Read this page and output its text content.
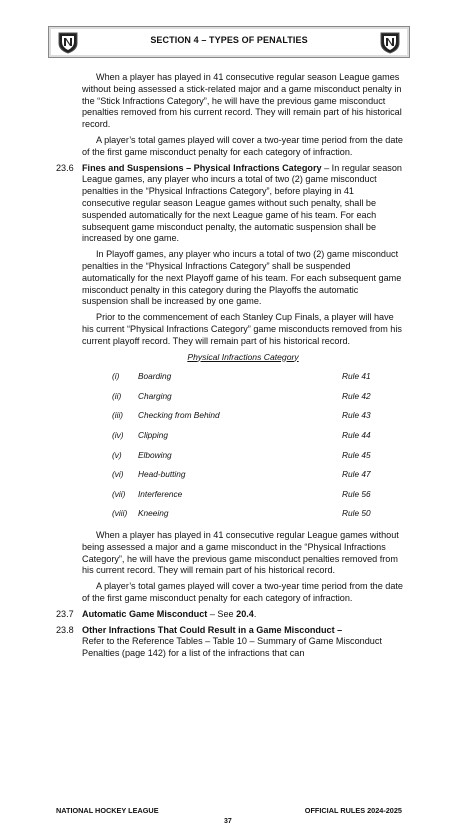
SECTION 4 – TYPES OF PENALTIES

When a player has played in 41 consecutive regular season League games without being assessed a stick-related major and a game misconduct penalty in the “Stick Infractions Category”, he will have the previous game misconduct penalties removed from his current record. They will remain part of his historical record.

A player’s total games played will cover a two-year time period from the date of the first game misconduct penalty for each category of infraction.

23.6 Fines and Suspensions – Physical Infractions Category – In regular season League games, any player who incurs a total of two (2) game misconduct penalties in the “Physical Infractions Category”, before playing in 41 consecutive regular season League games without such penalty, shall be suspended automatically for the next League game of his team. For each subsequent game misconduct penalty, the automatic suspension shall be increased by one game.

In Playoff games, any player who incurs a total of two (2) game misconduct penalties in the “Physical Infractions Category” shall be suspended automatically for the next Playoff game of his team. For each subsequent game misconduct penalty in this category during the Playoffs the automatic suspension shall be increased by one game.

Prior to the commencement of each Stanley Cup Finals, a player will have his current “Physical Infractions Category” game misconducts removed from his current playoff record. They will remain part of his historical record.

Physical Infractions Category
(i)	Boarding	Rule 41
(ii)	Charging	Rule 42
(iii)	Checking from Behind	Rule 43
(iv)	Clipping	Rule 44
(v)	Elbowing	Rule 45
(vi)	Head-butting	Rule 47
(vii)	Interference	Rule 56
(viii)	Kneeing	Rule 50

When a player has played in 41 consecutive regular League games without being assessed a major and a game misconduct in the “Physical Infractions Category”, he will have the previous game misconduct penalties removed from his current record. They will remain part of his historical record.

A player’s total games played will cover a two-year time period from the date of the first game misconduct penalty for each category of infraction.

23.7 Automatic Game Misconduct – See 20.4.
23.8 Other Infractions That Could Result in a Game Misconduct –
Refer to the Reference Tables – Table 10 – Summary of Game Misconduct Penalties (page 142) for a list of the infractions that can
NATIONAL HOCKEY LEAGUE	OFFICIAL RULES 2024-2025
37
